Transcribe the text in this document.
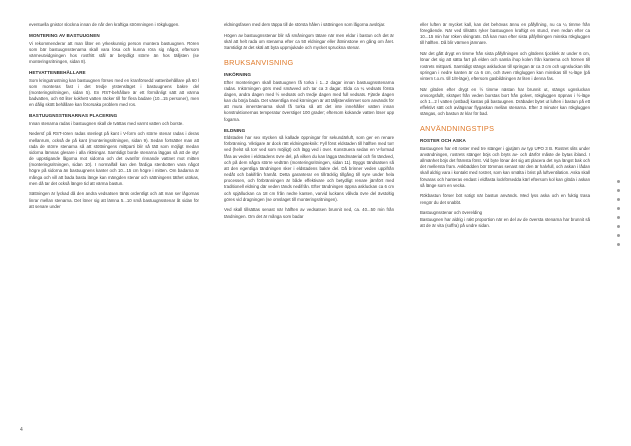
eventuella gnistor slockna innan de når den kraftiga strömningen i rökgluggen.

MONTERING AV BASTUUGNEN

Vi rekommenderar att man låter en yrkeskunnig person montera bastuugnen. Rören som bär bastuugnsstenarna skall vara lösa och kunna röra sig något, eftersom värmeutvidgningen hos rostfritt stål är betydligt större än hos tälljsten (se monteringsritningen, sidan 8).

HETVATTENBEHÅLLARE

Som kringutrustning kan bastuugnen förses med en kranförsedd vattenbehållare på 60 l som monteras fast i det tredje ytstensläget i bastuugnens bakre del (monteringsritningen, sidan 5). En RST-behållare är ett förmånligt sätt att värma badvatten, och 60 liter kokhett vatten räcker till för flera badare (10...15 personer), men en dålig skött behållare kan förorsaka problem med ros.

BASTUUGNSSTENARNAS PLACERING

Innan stenarna radas i bastuugnen skall de tvättas med varmt vatten och borste.

Nedersť på RST-rören radas stenlegt på kant i V-form och större stenar radas i deras mellanrum, också de på kant (monteringsritningen, sidan 9). Sedan fortsätter man att rada de större stenarna så att stöttningens mittparti blir så tätt som möjligt medan sidorna lämnas glesare i alla riktningar. Samtidigt borde stenarna läggas så att de styr de uppstigande lågorna mot sidorna och det ovanför rinnande vattnet mot mitten (monteringsritningen, sidan 10). I normalfall kan den färdiga stenbotten vara något högre på sidorna än bastuugnens kanter och 10...15 cm högre i mitten. Om badarna är många och vill att bada bastu länge kan mängden stenar och sättningens täthet utökas, men då tar det också längre tid att värma bastun.

Sättningen är lyckad då den andra vedsatsen tänts ordentligt och att man ser lågornas linrar mellan stenarna. Det löner sig att lämna 5...10 små bastuugnsstenar åt sidan för att senare under

eldningsfasen med dem täppa till de största hålen i sättningen som lågorna avslöjar.

Högen av bastuugnsstenar blir så småningom tätare när men eldar i bastun och det är skäl att helt rada om stenarna efter ca 50 eldningar eller åtminstone en gång om året. Samtidigt är det skäl att byta uppmjukade och mycket spruckna stenar.

BRUKSANVISNING
INKÖRNING

Efter monteringen skall bastuugnen få torka i 1...2 dagar innan bastuugnsstenarna radas. Inkörningen görs med smävved och tar ca 3 dagar. Elda ca ¼ vedsats första dagen, andra dagen med ½ vedsats och tredje dagen med full vedsats. Fjärde dagen kan du börja bada. Det väsentliga med körningen är att tälljstenslimmet som används för att mura innerstenarna skall få torka så att det inte innehåller vatten innan konstruktionernas temperatur överstiger 100 grader; eftersom kokande vatten löser upp fogarna.

ELDNING

Eldstaden har sex stycken så kallade öppningar för sekundärluft, som ger en renare förbränning. Viktigare är dock rätt eldningsteknik: Fyll först eldstaden till hälften med torr ved (helst så torr ved som möjligt) och lägg ved i över. Konstruera sedan en V-formad fåra av veden i eldstadens övre del, på vilken du kan lägga tändmaterial och fin tändved, och på dem några större vedträn (monteringsritningen, sidan 11). Byggs tändsatsen så att den egentliga tändningen sker i eldstadens bakre del. Då brinner veden uppifrån nedåt och bakifrån framåt. Detta garanterar en tillräcklig tillgång till syre under hela processen, och förbränningen är både effektivare och betydligt renare jämfört med traditionell eldning där veden tänds nedifrån. Efter tändningen öppna askluckan ca 6 cm och spjälluckan ca 18 cm från nedre kanten, varvid luckans vålvda övre del ävstoltig göres vid dragningen (se omslaget till monteringsritningen).

Ved skall tillsättas senast när hälften av vedsatsen brunnit ned, ca. 40...50 min från tändningen. Om det är många som badar

eller luften är mycket kall, kan det behövas ännu en påfyllning, nu ca ¼ timme från föregående. När ved tillsätts ryker bastuugnen kraftigt en stund, men redan efter ca 10...15 min har röken skingrats. Då kan man efter sista påfyllningen minska rökgluggen till hälften. Då blir värmen jämnare.

När det gått drygt en timme från sista påfyllningen och glödens tjocklek är under 6 cm, lönar det sig att sätta fart på elden och samla ihop kolen från kanterna och hörnen till rostrets mittparti. Samtidigt stängs askluckan till springan är ca 3 cm och ugnsluckan tills springan i nedre kanten är ca 6 cm, och även rökgluggen kan minskas till ¼-läge (på vintern t.o.m. till 1/8-läge), eftersom gasbildningen är liten i denna fas.

När glöden efter drygt en ½ timme nästan har brunnit ut, stängs ugnsluckan omsorgsfullt, skräpet från veden borstas bort från golvet, rökgluggen öppnas i ½-läge och 1...2 l vatten (ostbad) kastas på bastuugnen. Dräbadet bytet ut luften i bastun på ett effektivt sätt och avlägsnar flygaskan mellan stenarna. Efter 3 minuter kan rökgluggen stängas, och bastun är klar för bad.

ANVÄNDNINGSTIPS
ROSTER OCH ASKA

Bastuugnen har ett roster med tre stänger i gjutjärn av typ UPO 3 B. Rostret slits under användningen, rostrets stänger böjs och bryts av- och därför måste de bytas ibland. I allmänhet böjs det främsta först. Vid byte lönar det sig att placera det nya längst bak och det mellersta fram. Askbädden bör tömmas senast när den är halvfull, och askan i lådan skall aldrig vara i kontakt med rostret, som kan smälta i brist på luftventilation. Aska skall förvaras och hanteras endast i eldfasta lockförsedda kärl eftersom kol kan glöda i askan så länge som en vecka.

Rökbastun förser böt sotigt när bastun används. Med lyss aska och en fuktig trasa rengör du det snabbt.

Bastuugnsstenar och överelding
Bastuugnen har aldrig i rakt proportion när en del av de översta stenarna har brunnit så att de är vita (soffra) på undre sidan.

4
